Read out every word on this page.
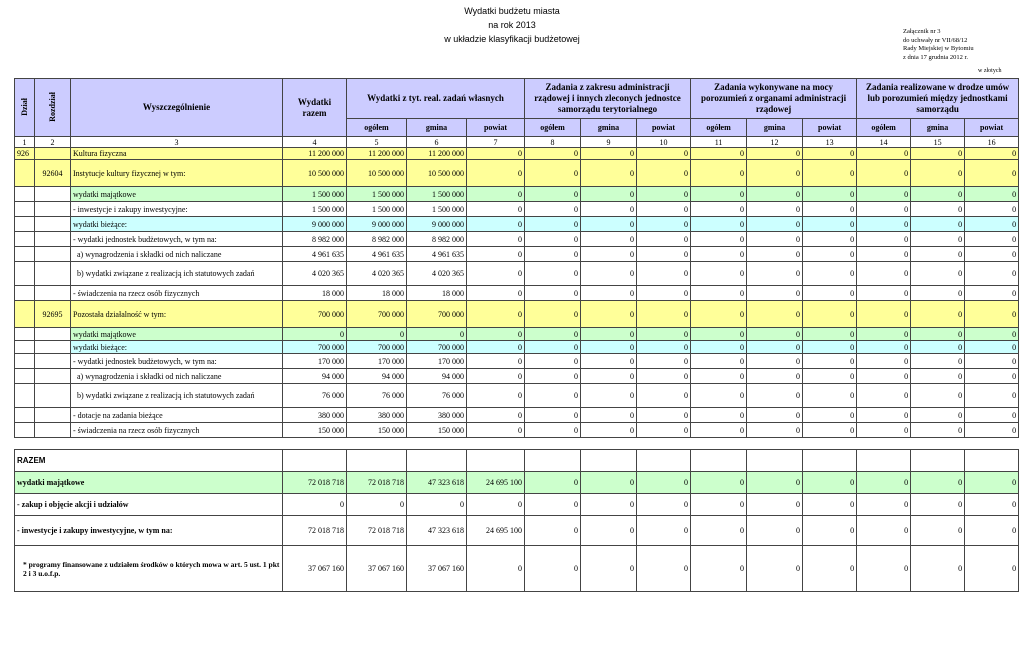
Wydatki budżetu miasta
na rok 2013
w układzie klasyfikacji budżetowej
Załącznik nr 3
do uchwały nr VII/68/12
Rady Miejskiej w Bytomiu
z dnia 17 grudnia 2012 r.
w złotych
Dział	Rozdział	Wyszczególnienie	Wydatki razem	Wydatki z tyt. real. zadań własnych			Zadania z zakresu administracji rządowej i innych zleconych jednostce samorządu terytorialnego			Zadania wykonywane na mocy porozumień z organami administracji rządowej			Zadania realizowane w drodze umów lub porozumień między jednostkami samorządu		
				ogółem	gmina	powiat	ogółem	gmina	powiat	ogółem	gmina	powiat	ogółem	gmina	powiat
1	2	3	4	5	6	7	8	9	10	11	12	13	14	15	16
926		Kultura fizyczna	11 200 000	11 200 000	11 200 000	0	0	0	0	0	0	0	0	0	0
	92604	Instytucje kultury fizycznej w tym:	10 500 000	10 500 000	10 500 000	0	0	0	0	0	0	0	0	0	0
		wydatki majątkowe	1 500 000	1 500 000	1 500 000	0	0	0	0	0	0	0	0	0	0
		- inwestycje i zakupy inwestycyjne:	1 500 000	1 500 000	1 500 000	0	0	0	0	0	0	0	0	0	0
		wydatki bieżące:	9 000 000	9 000 000	9 000 000	0	0	0	0	0	0	0	0	0	0
		- wydatki jednostek budżetowych, w tym na:	8 982 000	8 982 000	8 982 000	0	0	0	0	0	0	0	0	0	0
		a) wynagrodzenia i składki od nich naliczane	4 961 635	4 961 635	4 961 635	0	0	0	0	0	0	0	0	0	0
		b) wydatki związane z realizacją ich statutowych zadań	4 020 365	4 020 365	4 020 365	0	0	0	0	0	0	0	0	0	0
		- świadczenia na rzecz osób fizycznych	18 000	18 000	18 000	0	0	0	0	0	0	0	0	0	0
	92695	Pozostała działalność w tym:	700 000	700 000	700 000	0	0	0	0	0	0	0	0	0	0
		wydatki majątkowe	0	0	0	0	0	0	0	0	0	0	0	0	0
		wydatki bieżące:	700 000	700 000	700 000	0	0	0	0	0	0	0	0	0	0
		- wydatki jednostek budżetowych, w tym na:	170 000	170 000	170 000	0	0	0	0	0	0	0	0	0	0
		a) wynagrodzenia i składki od nich naliczane	94 000	94 000	94 000	0	0	0	0	0	0	0	0	0	0
		b) wydatki związane z realizacją ich statutowych zadań	76 000	76 000	76 000	0	0	0	0	0	0	0	0	0	0
		- dotacje na zadania bieżące	380 000	380 000	380 000	0	0	0	0	0	0	0	0	0	0
		- świadczenia na rzecz osób fizycznych	150 000	150 000	150 000	0	0	0	0	0	0	0	0	0	0

RAZEM															
wydatki majątkowe			72 018 718	72 018 718	47 323 618	24 695 100	0	0	0	0	0	0	0	0	0
- zakup i objęcie akcji i udziałów			0	0	0	0	0	0	0	0	0	0	0	0	0
- inwestycje i zakupy inwestycyjne, w tym na:			72 018 718	72 018 718	47 323 618	24 695 100	0	0	0	0	0	0	0	0	0
* programy finansowane z udziałem środków o których mowa w art. 5 ust. 1 pkt 2 i 3 u.o.f.p.			37 067 160	37 067 160	37 067 160	0	0	0	0	0	0	0	0	0	0
